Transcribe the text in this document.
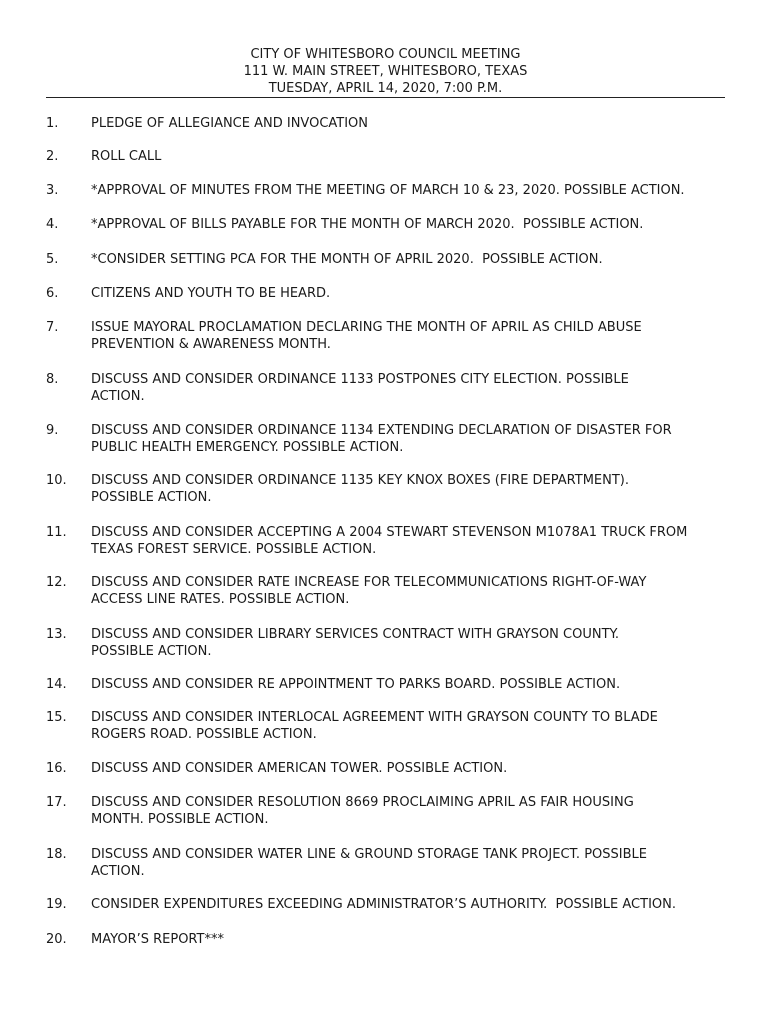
CITY OF WHITESBORO COUNCIL MEETING
111 W. MAIN STREET, WHITESBORO, TEXAS
TUESDAY, APRIL 14, 2020, 7:00 P.M.
1.	PLEDGE OF ALLEGIANCE AND INVOCATION
2.	ROLL CALL
3.	*APPROVAL OF MINUTES FROM THE MEETING OF MARCH 10 & 23, 2020. POSSIBLE ACTION.
4.	*APPROVAL OF BILLS PAYABLE FOR THE MONTH OF MARCH 2020.  POSSIBLE ACTION.
5.	*CONSIDER SETTING PCA FOR THE MONTH OF APRIL 2020.  POSSIBLE ACTION.
6.	CITIZENS AND YOUTH TO BE HEARD.
7.	ISSUE MAYORAL PROCLAMATION DECLARING THE MONTH OF APRIL AS CHILD ABUSE PREVENTION & AWARENESS MONTH.
8.	DISCUSS AND CONSIDER ORDINANCE 1133 POSTPONES CITY ELECTION. POSSIBLE ACTION.
9.	DISCUSS AND CONSIDER ORDINANCE 1134 EXTENDING DECLARATION OF DISASTER FOR PUBLIC HEALTH EMERGENCY. POSSIBLE ACTION.
10.	DISCUSS AND CONSIDER ORDINANCE 1135 KEY KNOX BOXES (FIRE DEPARTMENT). POSSIBLE ACTION.
11.	DISCUSS AND CONSIDER ACCEPTING A 2004 STEWART STEVENSON M1078A1 TRUCK FROM TEXAS FOREST SERVICE. POSSIBLE ACTION.
12.	DISCUSS AND CONSIDER RATE INCREASE FOR TELECOMMUNICATIONS RIGHT-OF-WAY ACCESS LINE RATES. POSSIBLE ACTION.
13.	DISCUSS AND CONSIDER LIBRARY SERVICES CONTRACT WITH GRAYSON COUNTY. POSSIBLE ACTION.
14.	DISCUSS AND CONSIDER RE APPOINTMENT TO PARKS BOARD. POSSIBLE ACTION.
15.	DISCUSS AND CONSIDER INTERLOCAL AGREEMENT WITH GRAYSON COUNTY TO BLADE ROGERS ROAD. POSSIBLE ACTION.
16.	DISCUSS AND CONSIDER AMERICAN TOWER. POSSIBLE ACTION.
17.	DISCUSS AND CONSIDER RESOLUTION 8669 PROCLAIMING APRIL AS FAIR HOUSING MONTH. POSSIBLE ACTION.
18.	DISCUSS AND CONSIDER WATER LINE & GROUND STORAGE TANK PROJECT. POSSIBLE ACTION.
19.	CONSIDER EXPENDITURES EXCEEDING ADMINISTRATOR’S AUTHORITY.  POSSIBLE ACTION.
20.	MAYOR’S REPORT***
